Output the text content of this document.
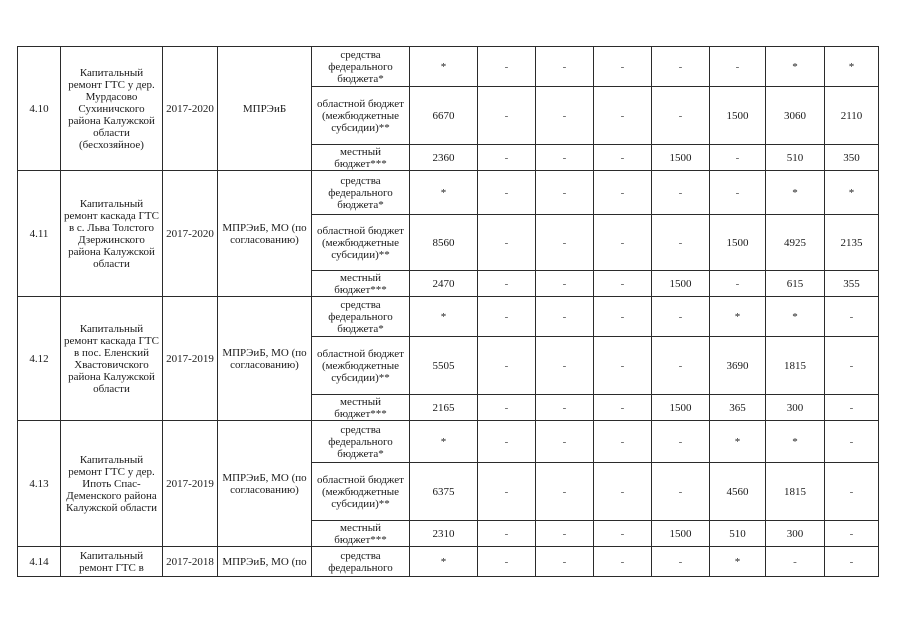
4.10	Капитальный ремонт ГТС у дер. Мурдасово Сухиничского района Калужской области (бесхозяйное)	2017-2020	МПРЭиБ	средства федерального бюджета*	*	-	-	-	-	-	*	*
				областной бюджет (межбюджетные субсидии)**	6670	-	-	-	-	1500	3060	2110
				местный бюджет***	2360	-	-	-	1500	-	510	350
4.11	Капитальный ремонт каскада ГТС в с. Льва Толстого Дзержинского района Калужской области	2017-2020	МПРЭиБ, МО (по согласованию)	средства федерального бюджета*	*	-	-	-	-	-	*	*
				областной бюджет (межбюджетные субсидии)**	8560	-	-	-	-	1500	4925	2135
				местный бюджет***	2470	-	-	-	1500	-	615	355
4.12	Капитальный ремонт каскада ГТС в пос. Еленский Хвастовичского района Калужской области	2017-2019	МПРЭиБ, МО (по согласованию)	средства федерального бюджета*	*	-	-	-	-	*	*	-
				областной бюджет (межбюджетные субсидии)**	5505	-	-	-	-	3690	1815	-
				местный бюджет***	2165	-	-	-	1500	365	300	-
4.13	Капитальный ремонт ГТС у дер. Ипоть Спас-Деменского района Калужской области	2017-2019	МПРЭиБ, МО (по согласованию)	средства федерального бюджета*	*	-	-	-	-	*	*	-
				областной бюджет (межбюджетные субсидии)**	6375	-	-	-	-	4560	1815	-
				местный бюджет***	2310	-	-	-	1500	510	300	-
4.14	Капитальный ремонт ГТС в	2017-2018	МПРЭиБ, МО (по	средства федерального	*	-	-	-	-	*	-	-
